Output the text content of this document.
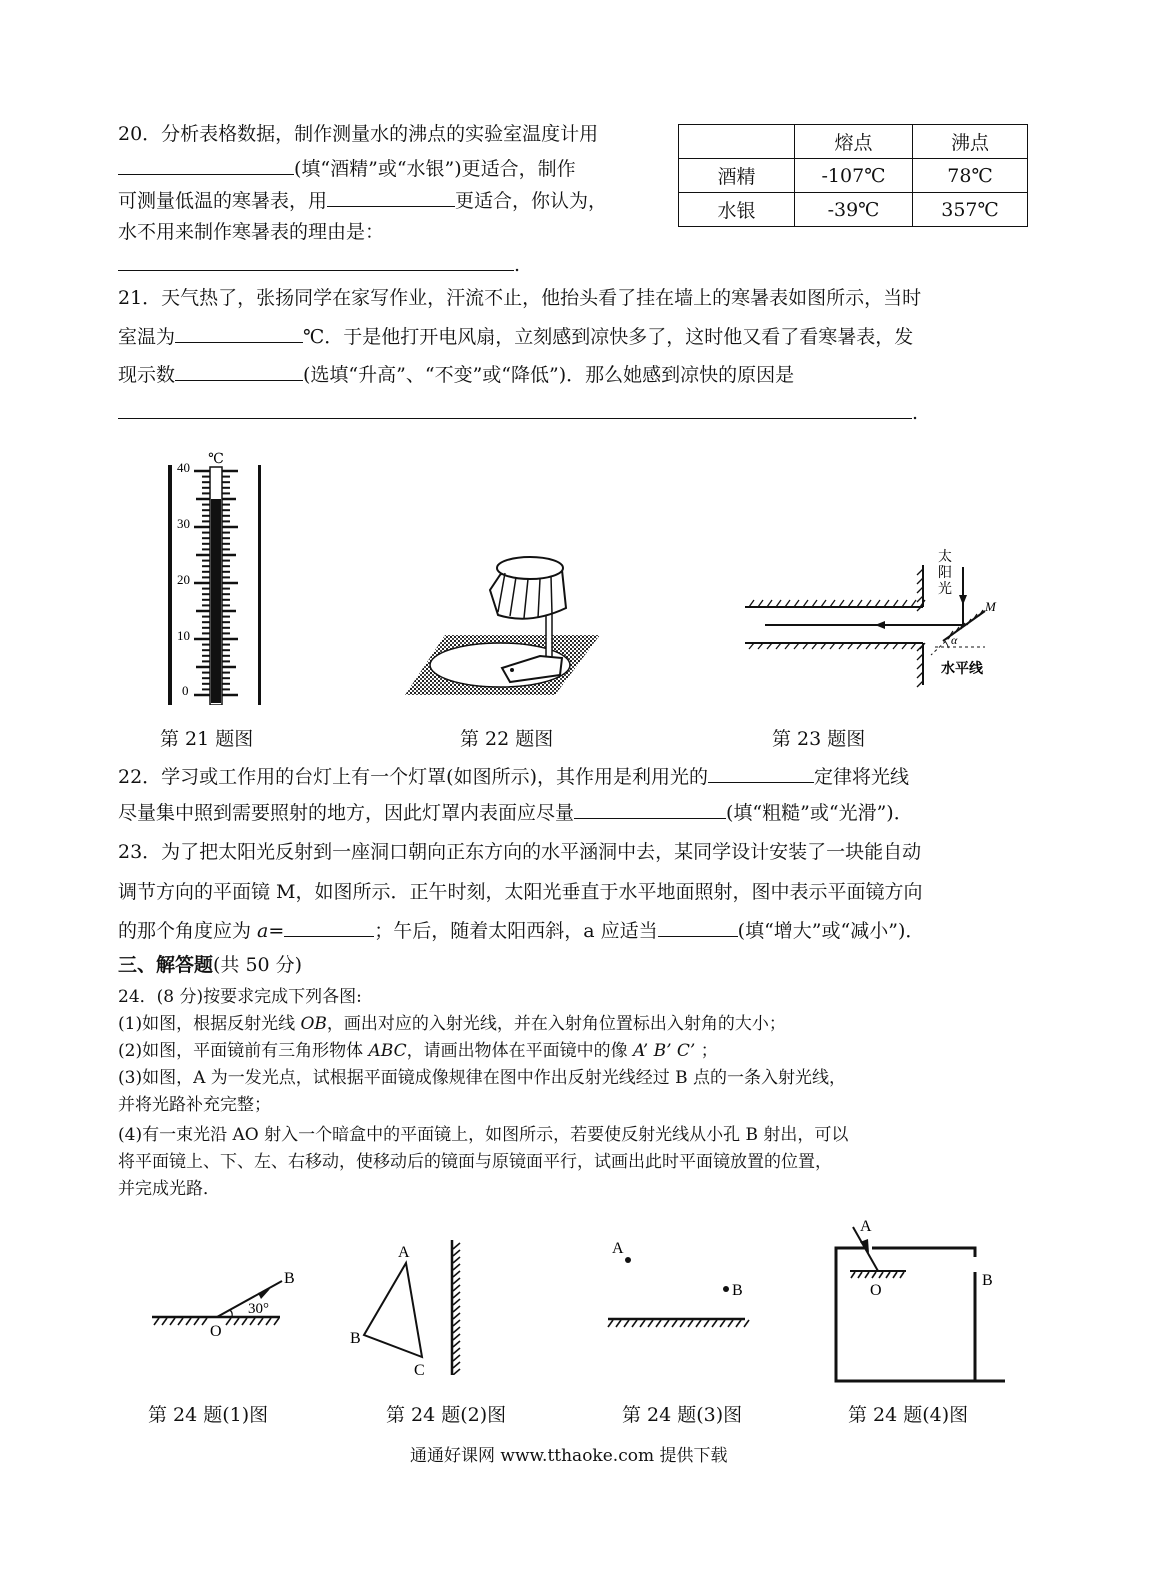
20．分析表格数据，制作测量水的沸点的实验室温度计用
(填“酒精”或“水银”)更适合，制作
可测量低温的寒暑表，用	更适合，你认为，
水不用来制作寒暑表的理由是：
.
	熔点	沸点
酒精	-107℃	78℃
水银	-39℃	357℃
21．天气热了，张扬同学在家写作业，汗流不止，他抬头看了挂在墙上的寒暑表如图所示，当时
室温为	℃．于是他打开电风扇，立刻感到凉快多了，这时他又看了看寒暑表，发
现示数	(选填“升高”、“不变”或“降低”)．那么她感到凉快的原因是
.
℃
40
30
20
10
0
太
阳
光
M
α
水平线
第 21 题图	第 22 题图	第 23 题图
22．学习或工作用的台灯上有一个灯罩(如图所示)，其作用是利用光的	定律将光线
尽量集中照到需要照射的地方，因此灯罩内表面应尽量	(填“粗糙”或“光滑”)．
23．为了把太阳光反射到一座洞口朝向正东方向的水平涵洞中去，某同学设计安装了一块能自动
调节方向的平面镜 M，如图所示．正午时刻，太阳光垂直于水平地面照射，图中表示平面镜方向
的那个角度应为 a=	；午后，随着太阳西斜，a 应适当	(填“增大”或“减小”)．
三、解答题(共 50 分)
24．(8 分)按要求完成下列各图:
(1)如图，根据反射光线 OB，画出对应的入射光线，并在入射角位置标出入射角的大小；
(2)如图，平面镜前有三角形物体 ABC，请画出物体在平面镜中的像 A’ B’ C’ ；
(3)如图，A 为一发光点，试根据平面镜成像规律在图中作出反射光线经过 B 点的一条入射光线，
并将光路补充完整；
(4)有一束光沿 AO 射入一个暗盒中的平面镜上，如图所示，若要使反射光线从小孔 B 射出，可以
将平面镜上、下、左、右移动，使移动后的镜面与原镜面平行，试画出此时平面镜放置的位置，
并完成光路．
B
O
30°
A
B
C
A
B
A
O
B
第 24 题(1)图	第 24 题(2)图	第 24 题(3)图	第 24 题(4)图
通通好课网 www.tthaoke.com 提供下载
